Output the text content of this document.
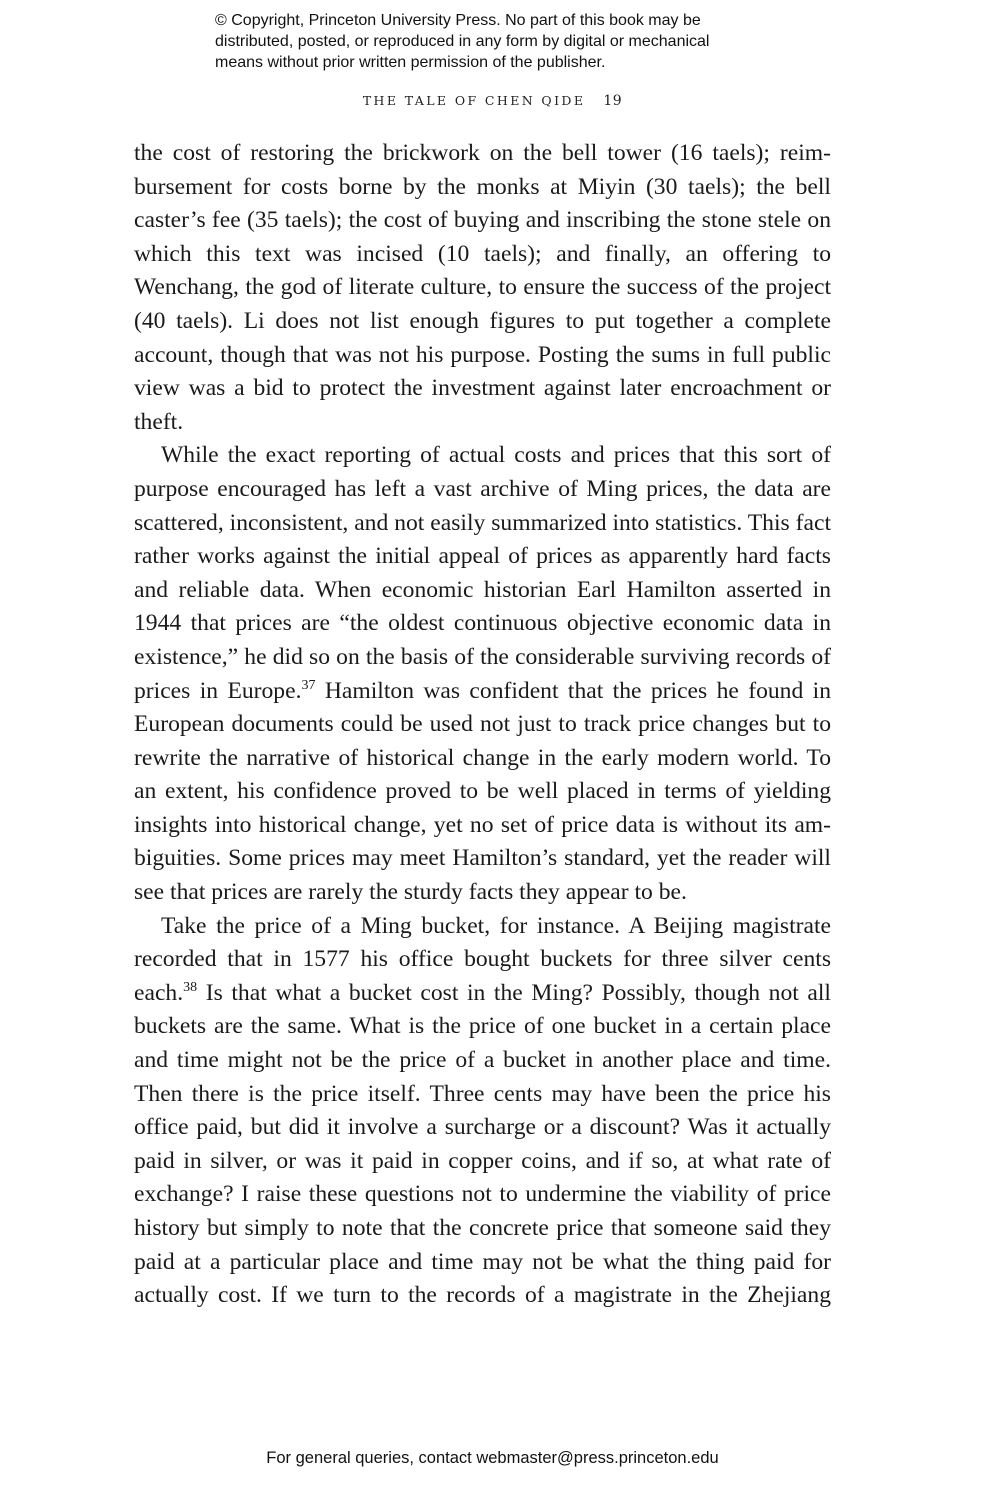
© Copyright, Princeton University Press. No part of this book may be
distributed, posted, or reproduced in any form by digital or mechanical
means without prior written permission of the publisher.
THE TALE OF CHEN QIDE 19

the cost of restoring the brickwork on the bell tower (16 taels); reimbursement for costs borne by the monks at Miyin (30 taels); the bell caster’s fee (35 taels); the cost of buying and inscribing the stone stele on which this text was incised (10 taels); and finally, an offering to Wenchang, the god of literate culture, to ensure the success of the project (40 taels). Li does not list enough figures to put together a complete account, though that was not his purpose. Posting the sums in full public view was a bid to protect the investment against later encroachment or theft.

While the exact reporting of actual costs and prices that this sort of purpose encouraged has left a vast archive of Ming prices, the data are scattered, inconsistent, and not easily summarized into statistics. This fact rather works against the initial appeal of prices as apparently hard facts and reliable data. When economic historian Earl Hamilton asserted in 1944 that prices are “the oldest continuous objective economic data in existence,” he did so on the basis of the considerable surviving records of prices in Europe.$^{37}$ Hamilton was confident that the prices he found in European documents could be used not just to track price changes but to rewrite the narrative of historical change in the early modern world. To an extent, his confidence proved to be well placed in terms of yielding insights into historical change, yet no set of price data is without its ambiguities. Some prices may meet Hamilton’s standard, yet the reader will see that prices are rarely the sturdy facts they appear to be.

Take the price of a Ming bucket, for instance. A Beijing magistrate recorded that in 1577 his office bought buckets for three silver cents each.$^{38}$ Is that what a bucket cost in the Ming? Possibly, though not all buckets are the same. What is the price of one bucket in a certain place and time might not be the price of a bucket in another place and time. Then there is the price itself. Three cents may have been the price his office paid, but did it involve a surcharge or a discount? Was it actually paid in silver, or was it paid in copper coins, and if so, at what rate of exchange? I raise these questions not to undermine the viability of price history but simply to note that the concrete price that someone said they paid at a particular place and time may not be what the thing paid for actually cost. If we turn to the records of a magistrate in the Zhejiang

For general queries, contact webmaster@press.princeton.edu
